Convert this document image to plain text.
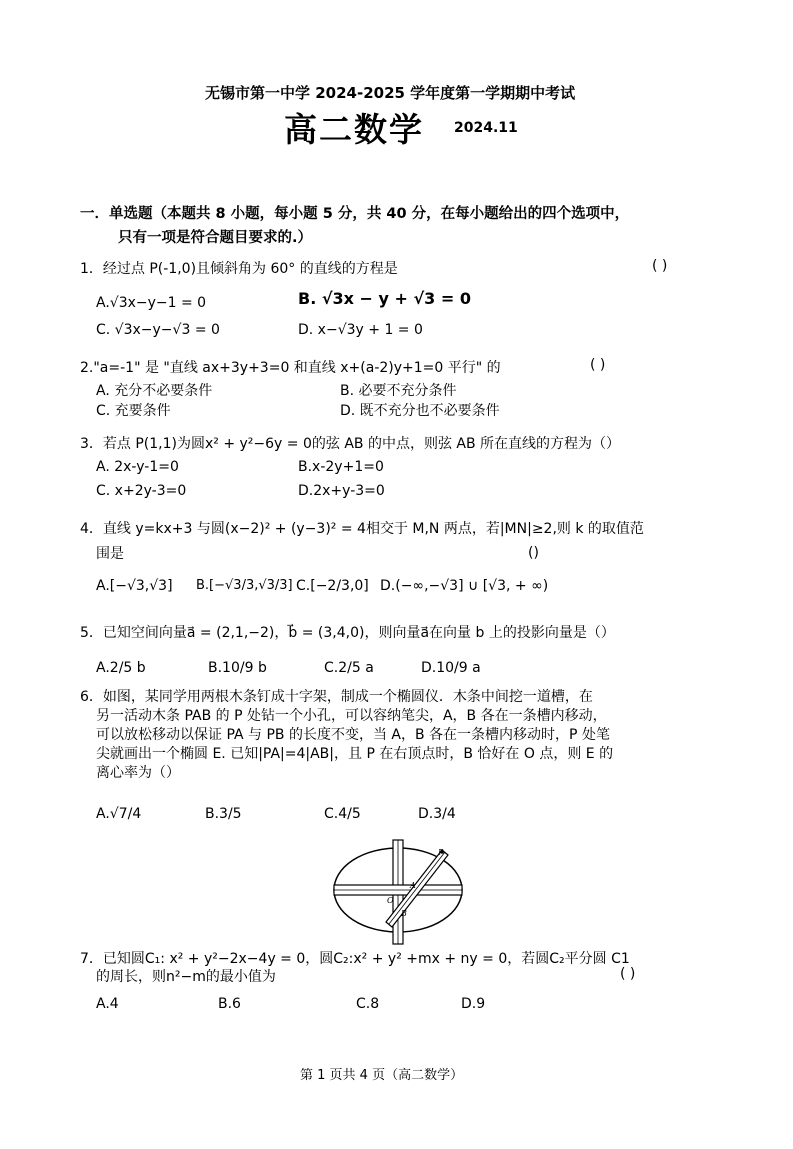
无锡市第一中学 2024-2025 学年度第一学期期中考试
高二数学 2024.11
一．单选题（本题共 8 小题，每小题 5 分，共 40 分，在每小题给出的四个选项中，
只有一项是符合题目要求的.）
1．经过点 P(-1,0)且倾斜角为 60° 的直线的方程是	( )
A.√3x−y−1 = 0	B. √3x − y + √3 = 0
C. √3x−y−√3 = 0	D. x−√3y + 1 = 0
2."a=-1" 是 "直线 ax+3y+3=0 和直线 x+(a-2)y+1=0 平行" 的	( )
A. 充分不必要条件	B. 必要不充分条件
C. 充要条件	D. 既不充分也不必要条件
3．若点 P(1,1)为圆x² + y²−6y = 0的弦 AB 的中点，则弦 AB 所在直线的方程为（）
A. 2x-y-1=0	B.x-2y+1=0
C. x+2y-3=0	D.2x+y-3=0
4．直线 y=kx+3 与圆(x−2)² + (y−3)² = 4相交于 M,N 两点，若|MN|≥2,则 k 的取值范
围是	()
A.[−√3,√3] B.[−√3/3,√3/3] C.[−2/3,0] D.(−∞,−√3] ∪ [√3, + ∞)
5．已知空间向量a⃗ = (2,1,−2)，b⃗ = (3,4,0)，则向量a⃗在向量 b 上的投影向量是（）
A.2/5 b	B.10/9 b	C.2/5 a	D.10/9 a
6．如图，某同学用两根木条钉成十字架，制成一个椭圆仪．木条中间挖一道槽，在
另一活动木条 PAB 的 P 处钻一个小孔，可以容纳笔尖，A，B 各在一条槽内移动，
可以放松移动以保证 PA 与 PB 的长度不变，当 A，B 各在一条槽内移动时，P 处笔
尖就画出一个椭圆 E. 已知|PA|=4|AB|，且 P 在右顶点时，B 恰好在 O 点，则 E 的
离心率为（）
A.√7/4	B.3/5	C.4/5	D.3/4
P
A
O
B
7．已知圆C₁: x² + y²−2x−4y = 0，圆C₂:x² + y² +mx + ny = 0，若圆C₂平分圆 C1
的周长，则n²−m的最小值为	( )
A.4	B.6	C.8	D.9
第 1 页共 4 页（高二数学）
